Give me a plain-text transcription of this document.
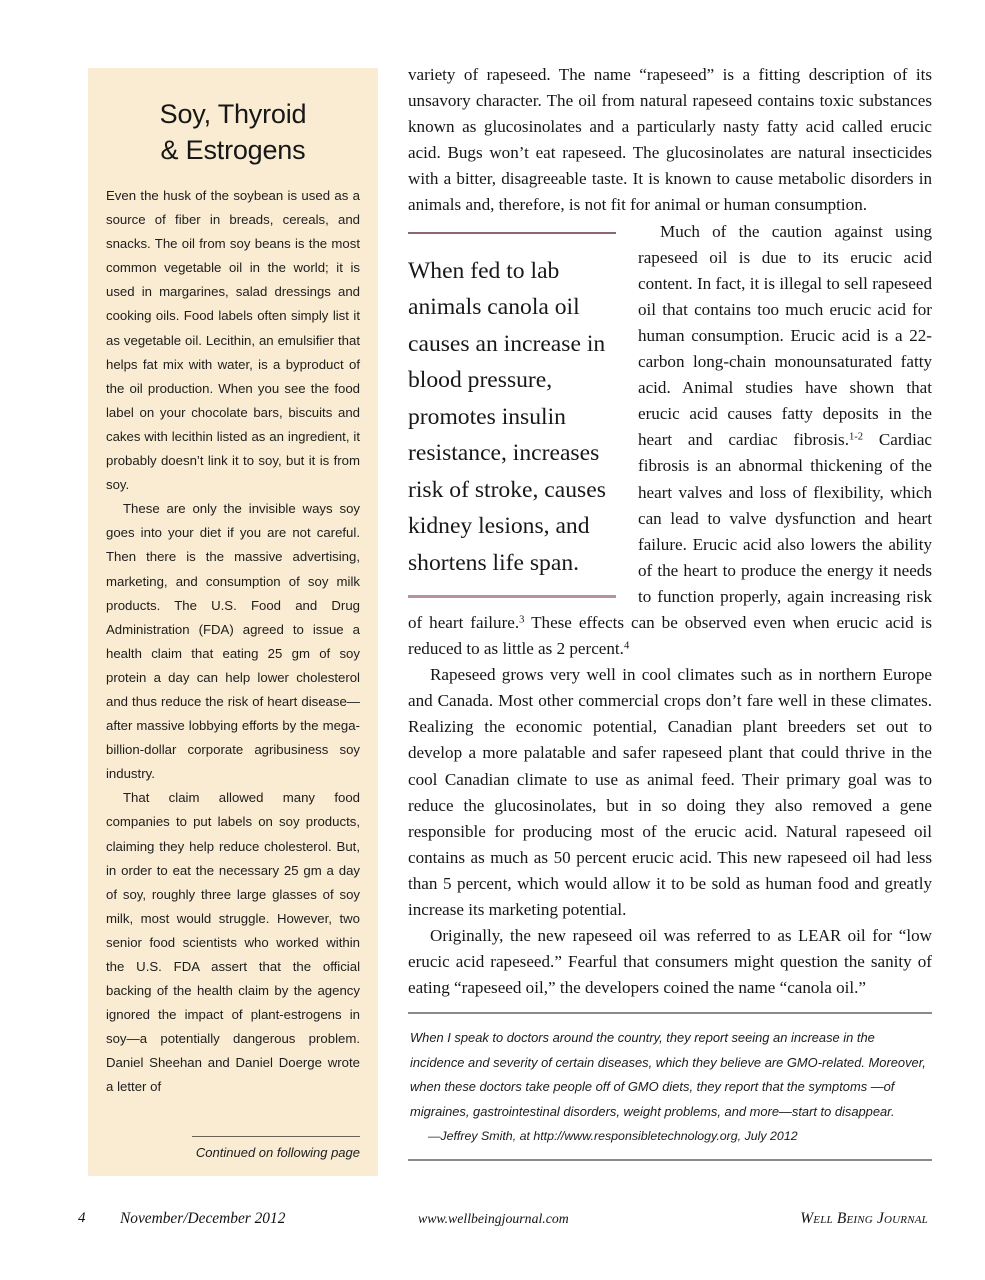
Soy, Thyroid
& Estrogens

Even the husk of the soybean is used as a source of fiber in breads, cereals, and snacks. The oil from soy beans is the most common vegetable oil in the world; it is used in margarines, salad dressings and cooking oils. Food labels often simply list it as vegetable oil. Lecithin, an emulsifier that helps fat mix with water, is a byproduct of the oil production. When you see the food label on your chocolate bars, biscuits and cakes with lecithin listed as an ingredient, it probably doesn’t link it to soy, but it is from soy.

These are only the invisible ways soy goes into your diet if you are not careful. Then there is the massive advertising, marketing, and consumption of soy milk products. The U.S. Food and Drug Administration (FDA) agreed to issue a health claim that eating 25 gm of soy protein a day can help lower cholesterol and thus reduce the risk of heart disease—after massive lobbying efforts by the mega-billion-dollar corporate agribusiness soy industry.

That claim allowed many food companies to put labels on soy products, claiming they help reduce cholesterol. But, in order to eat the necessary 25 gm a day of soy, roughly three large glasses of soy milk, most would struggle. However, two senior food scientists who worked within the U.S. FDA assert that the official backing of the health claim by the agency ignored the impact of plant-estrogens in soy—a potentially dangerous problem. Daniel Sheehan and Daniel Doerge wrote a letter of

Continued on following page

variety of rapeseed. The name “rapeseed” is a fitting description of its unsavory character. The oil from natural rapeseed contains toxic substances known as glucosinolates and a particularly nasty fatty acid called erucic acid. Bugs won’t eat rapeseed. The glucosinolates are natural insecticides with a bitter, disagreeable taste. It is known to cause metabolic disorders in animals and, therefore, is not fit for animal or human consumption.

When fed to lab animals canola oil causes an increase in blood pressure, promotes insulin resistance, increases risk of stroke, causes kidney lesions, and shortens life span.

Much of the caution against using rapeseed oil is due to its erucic acid content. In fact, it is illegal to sell rapeseed oil that contains too much erucic acid for human consumption. Erucic acid is a 22-carbon long-chain monounsaturated fatty acid. Animal studies have shown that erucic acid causes fatty deposits in the heart and cardiac fibrosis.$^{1-2}$ Cardiac fibrosis is an abnormal thickening of the heart valves and loss of flexibility, which can lead to valve dysfunction and heart failure. Erucic acid also lowers the ability of the heart to produce the energy it needs to function properly, again increasing risk of heart failure.$^3$ These effects can be observed even when erucic acid is reduced to as little as 2 percent.$^4$

Rapeseed grows very well in cool climates such as in northern Europe and Canada. Most other commercial crops don’t fare well in these climates. Realizing the economic potential, Canadian plant breeders set out to develop a more palatable and safer rapeseed plant that could thrive in the cool Canadian climate to use as animal feed. Their primary goal was to reduce the glucosinolates, but in so doing they also removed a gene responsible for producing most of the erucic acid. Natural rapeseed oil contains as much as 50 percent erucic acid. This new rapeseed oil had less than 5 percent, which would allow it to be sold as human food and greatly increase its marketing potential.

Originally, the new rapeseed oil was referred to as LEAR oil for “low erucic acid rapeseed.” Fearful that consumers might question the sanity of eating “rapeseed oil,” the developers coined the name “canola oil.”

When I speak to doctors around the country, they report seeing an increase in the incidence and severity of certain diseases, which they believe are GMO-related. Moreover, when these doctors take people off of GMO diets, they report that the symptoms —of migraines, gastrointestinal disorders, weight problems, and more—start to disappear.

—Jeffrey Smith, at http://www.responsibletechnology.org, July 2012

4 November/December 2012	www.wellbeingjournal.com	Well Being Journal
